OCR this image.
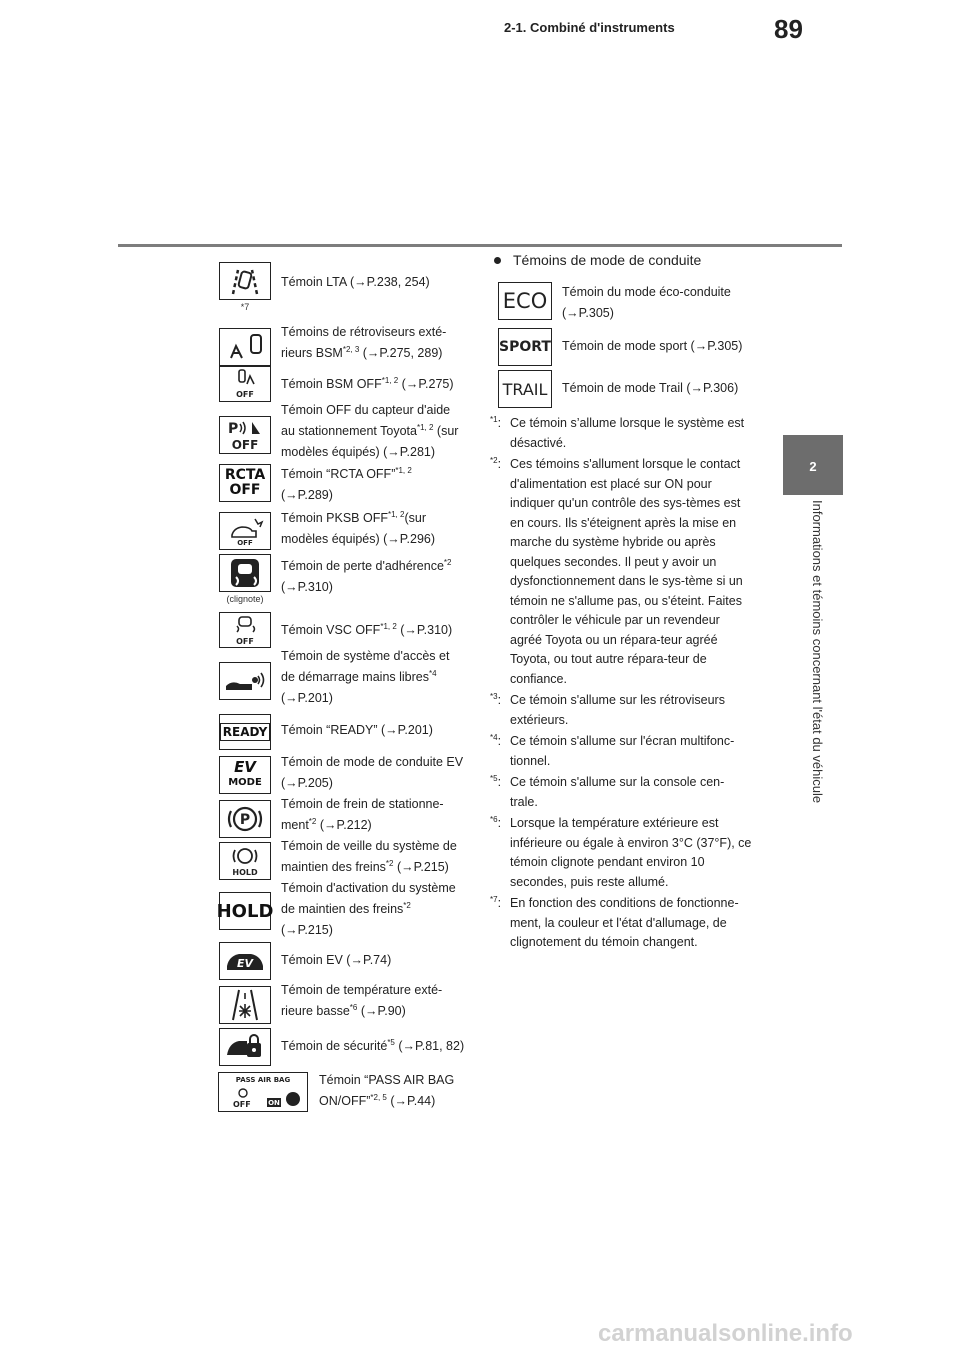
89
2-1. Combiné d'instruments
2
Informations et témoins concernant l'état du véhicule
*7
Témoin LTA (→P.238, 254)
Témoins de rétroviseurs exté-
rieurs BSM$^{*2, 3}$ (→P.275, 289)
OFF
Témoin BSM OFF$^{*1, 2}$ (→P.275)
P
OFF
Témoin OFF du capteur d'aide
au stationnement Toyota$^{*1, 2}$ (sur
modèles équipés) (→P.281)
RCTA
OFF
Témoin “RCTA OFF”$^{*1, 2}$
(→P.289)
OFF
Témoin PKSB OFF$^{*1, 2}$(sur
modèles équipés) (→P.296)
(clignote)
Témoin de perte d'adhérence$^{*2}$
(→P.310)
OFF
Témoin VSC OFF$^{*1, 2}$ (→P.310)
Témoin de système d'accès et
de démarrage mains libres$^{*4}$
(→P.201)
READY Témoin “READY” (→P.201)
EV
MODE
Témoin de mode de conduite EV
(→P.205)
P
Témoin de frein de stationne-
ment$^{*2}$ (→P.212)
HOLD
Témoin de veille du système de
maintien des freins$^{*2}$ (→P.215)
HOLD
Témoin d'activation du système
de maintien des freins$^{*2}$
(→P.215)
EV Témoin EV (→P.74)
Témoin de température exté-
rieure basse$^{*6}$ (→P.90)
Témoin de sécurité$^{*5}$ (→P.81, 82)
PASS AIR BAG
OFF ON
Témoin “PASS AIR BAG
ON/OFF”$^{*2, 5}$ (→P.44)
Témoins de mode de conduite
ECO Témoin du mode éco-conduite
(→P.305)
SPORT Témoin de mode sport (→P.305)
TRAIL Témoin de mode Trail (→P.306)
$^{*1}$: Ce témoin s’allume lorsque le système est désactivé.
$^{*2}$: Ces témoins s'allument lorsque le contact d'alimentation est placé sur ON pour indiquer qu'un contrôle des sys-tèmes est en cours. Ils s'éteignent après la mise en marche du système hybride ou après quelques secondes. Il peut y avoir un dysfonctionnement dans le sys-tème si un témoin ne s'allume pas, ou s'éteint. Faites contrôler le véhicule par un revendeur agréé Toyota ou un répara-teur agréé Toyota, ou tout autre répara-teur de confiance.
$^{*3}$: Ce témoin s'allume sur les rétroviseurs extérieurs.
$^{*4}$: Ce témoin s'allume sur l'écran multifonc-tionnel.
$^{*5}$: Ce témoin s'allume sur la console cen-trale.
$^{*6}$: Lorsque la température extérieure est inférieure ou égale à environ 3°C (37°F), ce témoin clignote pendant environ 10 secondes, puis reste allumé.
$^{*7}$: En fonction des conditions de fonctionne-ment, la couleur et l'état d'allumage, de clignotement du témoin changent.
carmanualsonline.info
